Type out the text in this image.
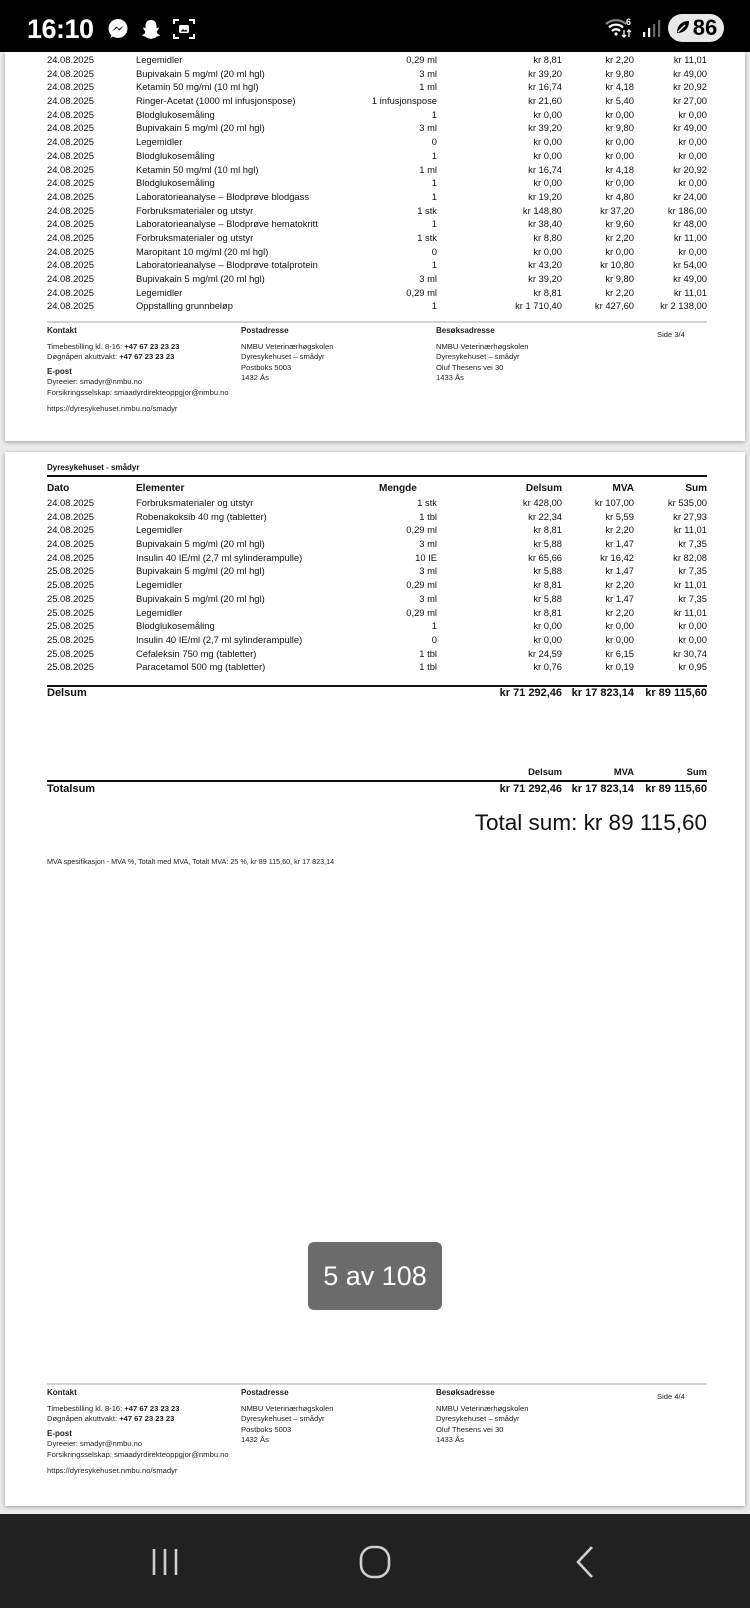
16:10	6	86
24.08.2025	Legemidler	0,29 ml	kr 8,81	kr 2,20	kr 11,01
24.08.2025	Bupivakain 5 mg/ml (20 ml hgl)	3 ml	kr 39,20	kr 9,80	kr 49,00
24.08.2025	Ketamin 50 mg/ml (10 ml hgl)	1 ml	kr 16,74	kr 4,18	kr 20,92
24.08.2025	Ringer-Acetat (1000 ml infusjonspose)	1 infusjonspose	kr 21,60	kr 5,40	kr 27,00
24.08.2025	Blodglukosemåling	1	kr 0,00	kr 0,00	kr 0,00
24.08.2025	Bupivakain 5 mg/ml (20 ml hgl)	3 ml	kr 39,20	kr 9,80	kr 49,00
24.08.2025	Legemidler	0	kr 0,00	kr 0,00	kr 0,00
24.08.2025	Blodglukosemåling	1	kr 0,00	kr 0,00	kr 0,00
24.08.2025	Ketamin 50 mg/ml (10 ml hgl)	1 ml	kr 16,74	kr 4,18	kr 20,92
24.08.2025	Blodglukosemåling	1	kr 0,00	kr 0,00	kr 0,00
24.08.2025	Laboratorieanalyse – Blodprøve blodgass	1	kr 19,20	kr 4,80	kr 24,00
24.08.2025	Forbruksmaterialer og utstyr	1 stk	kr 148,80	kr 37,20	kr 186,00
24.08.2025	Laboratorieanalyse – Blodprøve hematokritt	1	kr 38,40	kr 9,60	kr 48,00
24.08.2025	Forbruksmaterialer og utstyr	1 stk	kr 8,80	kr 2,20	kr 11,00
24.08.2025	Maropitant 10 mg/ml (20 ml hgl)	0	kr 0,00	kr 0,00	kr 0,00
24.08.2025	Laboratorieanalyse – Blodprøve totalprotein	1	kr 43,20	kr 10,80	kr 54,00
24.08.2025	Bupivakain 5 mg/ml (20 ml hgl)	3 ml	kr 39,20	kr 9,80	kr 49,00
24.08.2025	Legemidler	0,29 ml	kr 8,81	kr 2,20	kr 11,01
24.08.2025	Oppstalling grunnbeløp	1	kr 1 710,40	kr 427,60	kr 2 138,00
Kontakt
Timebestilling kl. 8-16: +47 67 23 23 23
Døgnåpen akuttvakt: +47 67 23 23 23
E-post
Dyreeier: smadyr@nmbu.no
Forsikringsselskap: smaadyrdirekteoppgjor@nmbu.no
https://dyresykehuset.nmbu.no/smadyr
Postadresse
NMBU Veterinærhøgskolen
Dyresykehuset – smådyr
Postboks 5003
1432 Ås
Besøksadresse
NMBU Veterinærhøgskolen
Dyresykehuset – smådyr
Oluf Thesens vei 30
1433 Ås
Side 3/4
Dyresykehuset - smådyr
Dato	Elementer	Mengde	Delsum	MVA	Sum
24.08.2025	Forbruksmaterialer og utstyr	1 stk	kr 428,00	kr 107,00	kr 535,00
24.08.2025	Robenakoksib 40 mg (tabletter)	1 tbl	kr 22,34	kr 5,59	kr 27,93
24.08.2025	Legemidler	0,29 ml	kr 8,81	kr 2,20	kr 11,01
24.08.2025	Bupivakain 5 mg/ml (20 ml hgl)	3 ml	kr 5,88	kr 1,47	kr 7,35
24.08.2025	Insulin 40 IE/ml (2,7 ml sylinderampulle)	10 IE	kr 65,66	kr 16,42	kr 82,08
25.08.2025	Bupivakain 5 mg/ml (20 ml hgl)	3 ml	kr 5,88	kr 1,47	kr 7,35
25.08.2025	Legemidler	0,29 ml	kr 8,81	kr 2,20	kr 11,01
25.08.2025	Bupivakain 5 mg/ml (20 ml hgl)	3 ml	kr 5,88	kr 1,47	kr 7,35
25.08.2025	Legemidler	0,29 ml	kr 8,81	kr 2,20	kr 11,01
25.08.2025	Blodglukosemåling	1	kr 0,00	kr 0,00	kr 0,00
25.08.2025	Insulin 40 IE/ml (2,7 ml sylinderampulle)	0	kr 0,00	kr 0,00	kr 0,00
25.08.2025	Cefaleksin 750 mg (tabletter)	1 tbl	kr 24,59	kr 6,15	kr 30,74
25.08.2025	Paracetamol 500 mg (tabletter)	1 tbl	kr 0,76	kr 0,19	kr 0,95
Delsum	kr 71 292,46 kr 17 823,14 kr 89 115,60
Delsum	MVA	Sum
Totalsum	kr 71 292,46 kr 17 823,14 kr 89 115,60
Total sum: kr 89 115,60
MVA spesifikasjon - MVA %, Totalt med MVA, Totalt MVA: 25 %, kr 89 115,60, kr 17 823,14
Kontakt
Timebestilling kl. 8-16: +47 67 23 23 23
Døgnåpen akuttvakt: +47 67 23 23 23
E-post
Dyreeier: smadyr@nmbu.no
Forsikringsselskap: smaadyrdirekteoppgjor@nmbu.no
https://dyresykehuset.nmbu.no/smadyr
Postadresse
NMBU Veterinærhøgskolen
Dyresykehuset – smådyr
Postboks 5003
1432 Ås
Besøksadresse
NMBU Veterinærhøgskolen
Dyresykehuset – smådyr
Oluf Thesens vei 30
1433 Ås
Side 4/4
5 av 108
